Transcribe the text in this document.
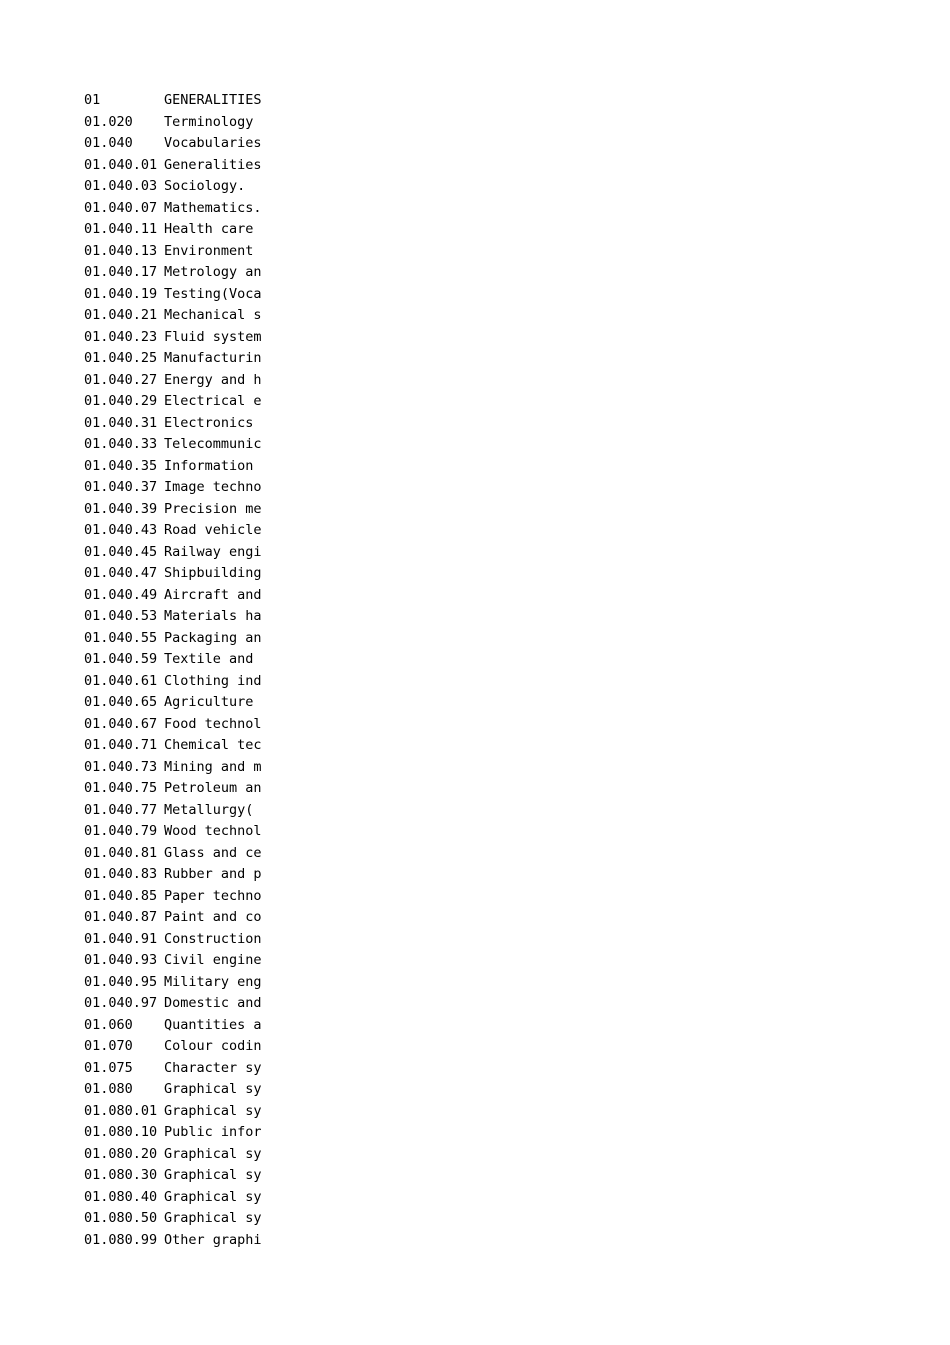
01	GENERALITIES
01.020 Terminology
01.040 Vocabularies
01.040.01 Generalities
01.040.03 Sociology.
01.040.07 Mathematics.
01.040.11 Health care
01.040.13 Environment
01.040.17 Metrology an
01.040.19 Testing(Voca
01.040.21 Mechanical s
01.040.23 Fluid system
01.040.25 Manufacturin
01.040.27 Energy and h
01.040.29 Electrical e
01.040.31 Electronics
01.040.33 Telecommunic
01.040.35 Information
01.040.37 Image techno
01.040.39 Precision me
01.040.43 Road vehicle
01.040.45 Railway engi
01.040.47 Shipbuilding
01.040.49 Aircraft and
01.040.53 Materials ha
01.040.55 Packaging an
01.040.59 Textile and
01.040.61 Clothing ind
01.040.65 Agriculture
01.040.67 Food technol
01.040.71 Chemical tec
01.040.73 Mining and m
01.040.75 Petroleum an
01.040.77 Metallurgy(
01.040.79 Wood technol
01.040.81 Glass and ce
01.040.83 Rubber and p
01.040.85 Paper techno
01.040.87 Paint and co
01.040.91 Construction
01.040.93 Civil engine
01.040.95 Military eng
01.040.97 Domestic and
01.060 Quantities a
01.070 Colour codin
01.075 Character sy
01.080 Graphical sy
01.080.01 Graphical sy
01.080.10 Public infor
01.080.20 Graphical sy
01.080.30 Graphical sy
01.080.40 Graphical sy
01.080.50 Graphical sy
01.080.99 Other graphi
